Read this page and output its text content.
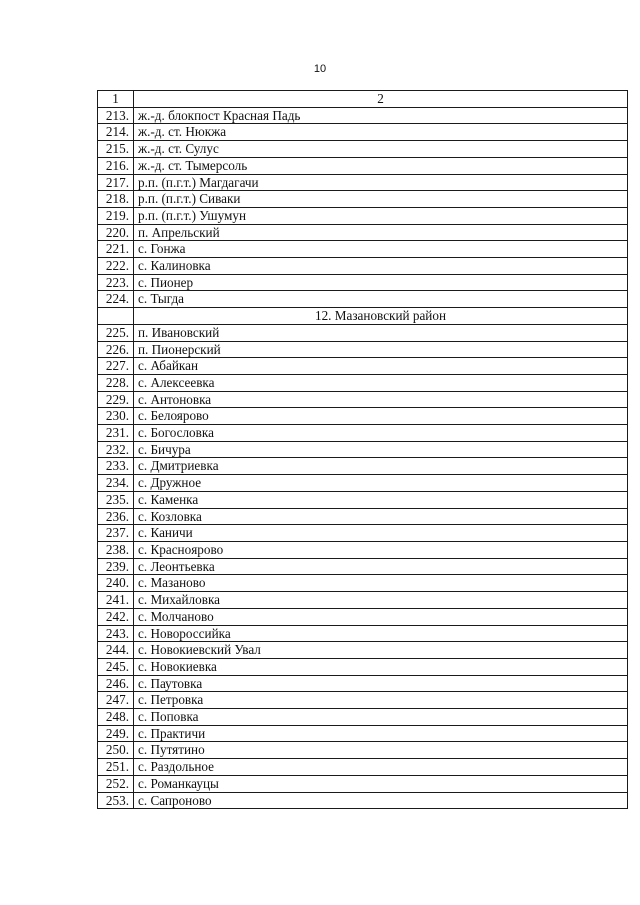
10
1	2
213.	ж.-д. блокпост Красная Падь
214.	ж.-д. ст. Нюкжа
215.	ж.-д. ст. Сулус
216.	ж.-д. ст. Тымерсоль
217.	р.п. (п.г.т.) Магдагачи
218.	р.п. (п.г.т.) Сиваки
219.	р.п. (п.г.т.) Ушумун
220.	п. Апрельский
221.	с. Гонжа
222.	с. Калиновка
223.	с. Пионер
224.	с. Тыгда
	12. Мазановский район
225.	п. Ивановский
226.	п. Пионерский
227.	с. Абайкан
228.	с. Алексеевка
229.	с. Антоновка
230.	с. Белоярово
231.	с. Богословка
232.	с. Бичура
233.	с. Дмитриевка
234.	с. Дружное
235.	с. Каменка
236.	с. Козловка
237.	с. Каничи
238.	с. Краснoярово
239.	с. Леонтьевка
240.	с. Мазаново
241.	с. Михайловка
242.	с. Молчаново
243.	с. Новороссийка
244.	с. Новокиевский Увал
245.	с. Новокиевка
246.	с. Паутовка
247.	с. Петровка
248.	с. Поповка
249.	с. Практичи
250.	с. Путятино
251.	с. Раздольное
252.	с. Романкауцы
253.	с. Сапроново
